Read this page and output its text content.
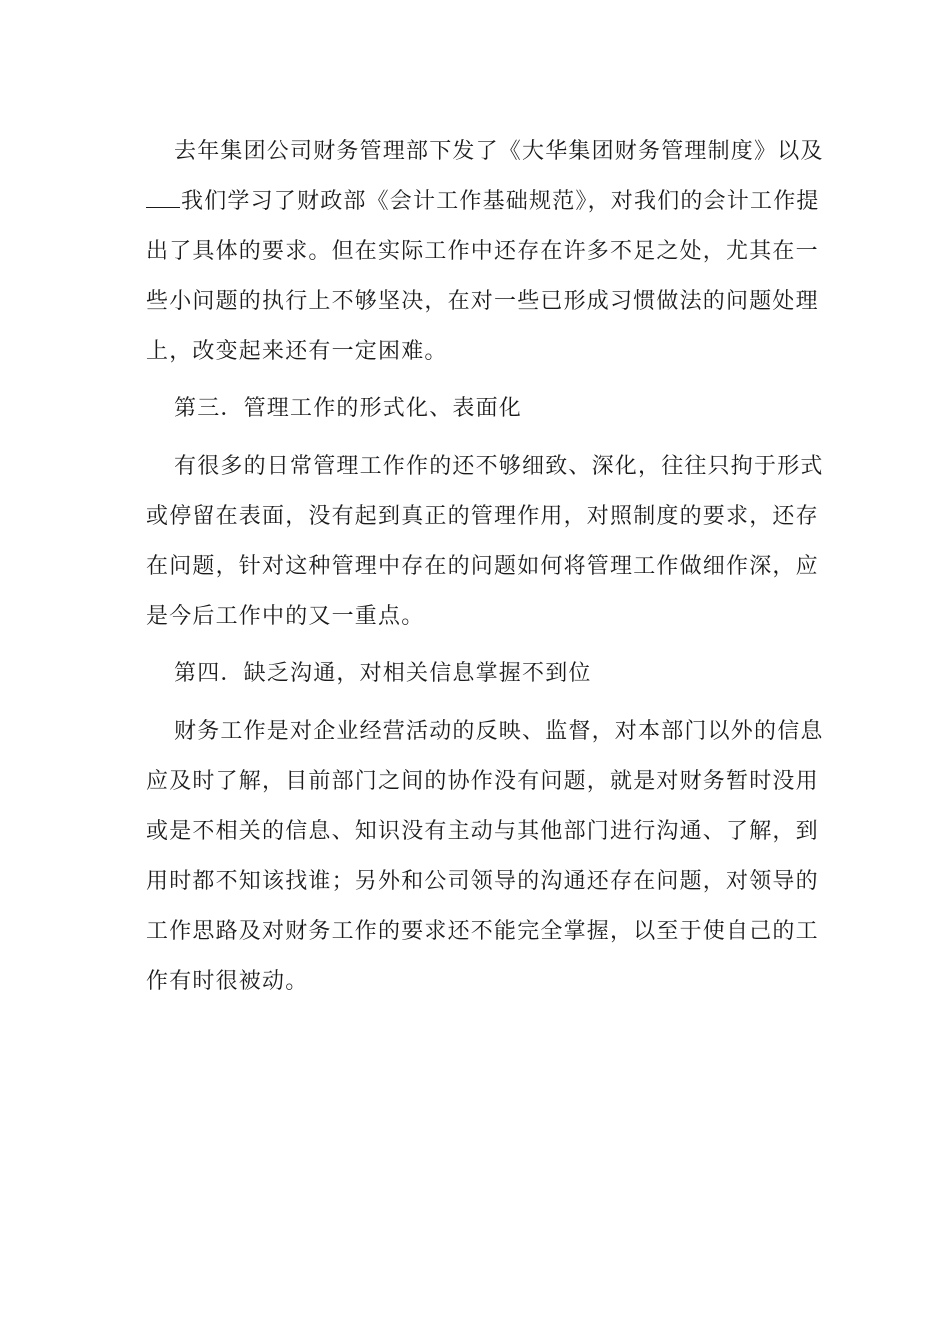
去年集团公司财务管理部下发了《大华集团财务管理制度》以及
我们学习了财政部《会计工作基础规范》，对我们的会计工作提
出了具体的要求。但在实际工作中还存在许多不足之处，尤其在一
些小问题的执行上不够坚决，在对一些已形成习惯做法的问题处理
上，改变起来还有一定困难。
第三．管理工作的形式化、表面化
有很多的日常管理工作作的还不够细致、深化，往往只拘于形式
或停留在表面，没有起到真正的管理作用，对照制度的要求，还存
在问题，针对这种管理中存在的问题如何将管理工作做细作深，应
是今后工作中的又一重点。
第四．缺乏沟通，对相关信息掌握不到位
财务工作是对企业经营活动的反映、监督，对本部门以外的信息
应及时了解，目前部门之间的协作没有问题，就是对财务暂时没用
或是不相关的信息、知识没有主动与其他部门进行沟通、了解，到
用时都不知该找谁；另外和公司领导的沟通还存在问题，对领导的
工作思路及对财务工作的要求还不能完全掌握，以至于使自己的工
作有时很被动。
